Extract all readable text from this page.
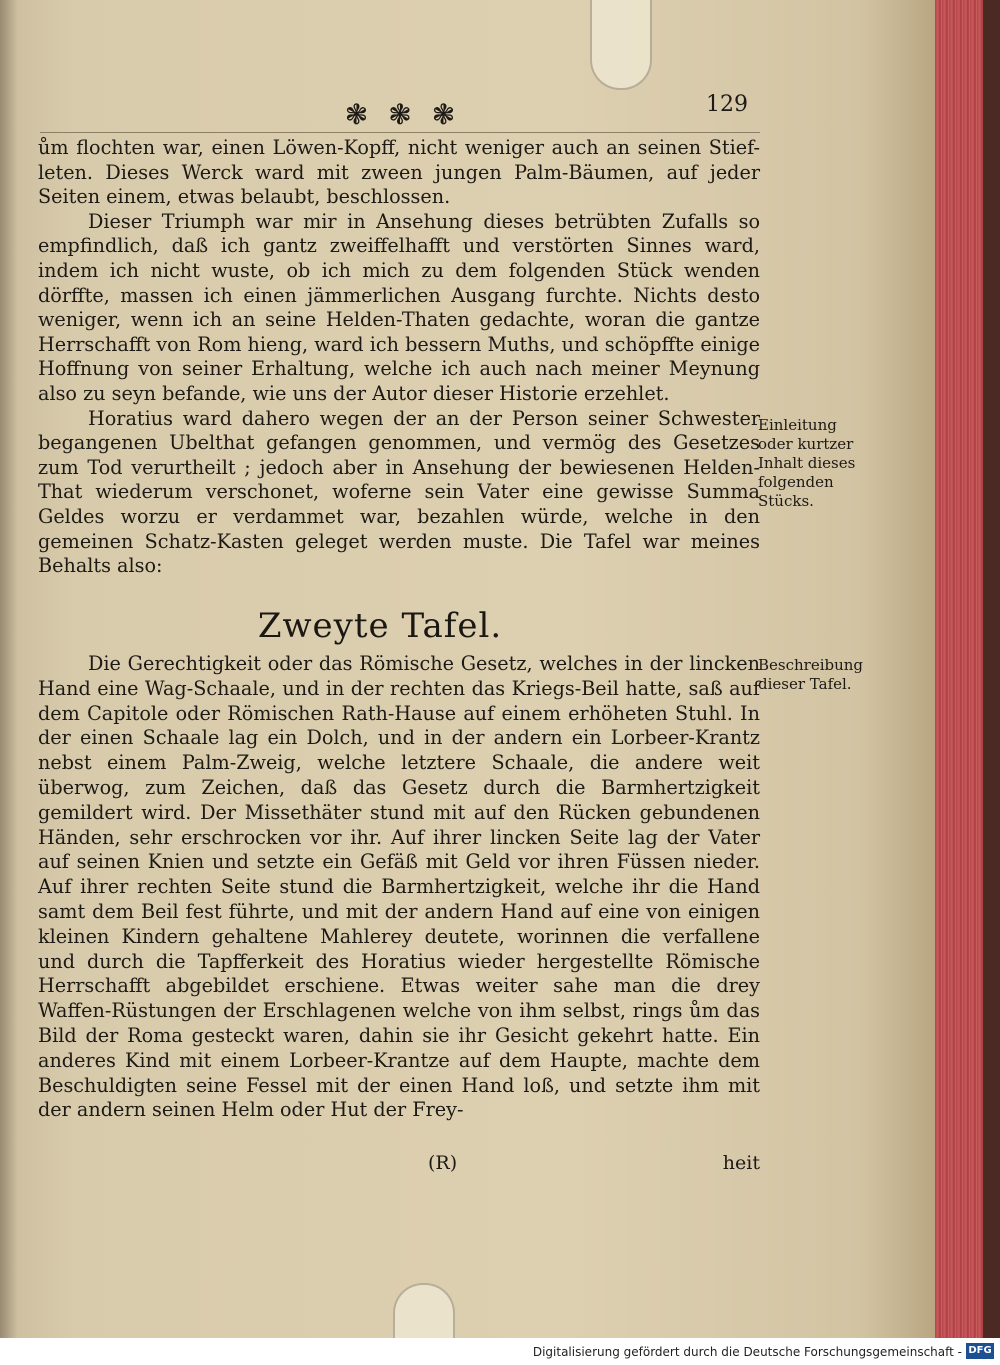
❃ ❃ ❃	129

ům flochten war, einen Löwen-Kopff, nicht weniger auch an seinen Stief-leten. Dieses Werck ward mit zween jungen Palm-Bäumen, auf jeder Seiten einem, etwas belaubt, beschlossen.

Dieser Triumph war mir in Ansehung dieses betrübten Zufalls so empfindlich, daß ich gantz zweiffelhafft und verstörten Sinnes ward, indem ich nicht wuste, ob ich mich zu dem folgenden Stück wenden dörffte, massen ich einen jämmerlichen Ausgang furchte. Nichts desto weniger, wenn ich an seine Helden-Thaten gedachte, woran die gantze Herrschafft von Rom hieng, ward ich bessern Muths, und schöpffte einige Hoffnung von seiner Erhaltung, welche ich auch nach meiner Meynung also zu seyn befande, wie uns der Autor dieser Historie erzehlet.

Horatius ward dahero wegen der an der Person seiner Schwester begangenen Ubelthat gefangen genommen, und vermög des Gesetzes zum Tod verurtheilt ; jedoch aber in Ansehung der bewiesenen Helden-That wiederum verschonet, woferne sein Vater eine gewisse Summa Geldes worzu er verdammet war, bezahlen würde, welche in den gemeinen Schatz-Kasten geleget werden muste. Die Tafel war meines Behalts also:

Zweyte Tafel.

Die Gerechtigkeit oder das Römische Gesetz, welches in der lincken Hand eine Wag-Schaale, und in der rechten das Kriegs-Beil hatte, saß auf dem Capitole oder Römischen Rath-Hause auf einem erhöheten Stuhl. In der einen Schaale lag ein Dolch, und in der andern ein Lorbeer-Krantz nebst einem Palm-Zweig, welche letztere Schaale, die andere weit überwog, zum Zeichen, daß das Gesetz durch die Barmhertzigkeit gemildert wird. Der Missethäter stund mit auf den Rücken gebundenen Händen, sehr erschrocken vor ihr. Auf ihrer lincken Seite lag der Vater auf seinen Knien und setzte ein Gefäß mit Geld vor ihren Füssen nieder. Auf ihrer rechten Seite stund die Barmhertzigkeit, welche ihr die Hand samt dem Beil fest führte, und mit der andern Hand auf eine von einigen kleinen Kindern gehaltene Mahlerey deutete, worinnen die verfallene und durch die Tapfferkeit des Horatius wieder hergestellte Römische Herrschafft abgebildet erschiene. Etwas weiter sahe man die drey Waffen-Rüstungen der Erschlagenen welche von ihm selbst, rings ům das Bild der Roma gesteckt waren, dahin sie ihr Gesicht gekehrt hatte. Ein anderes Kind mit einem Lorbeer-Krantze auf dem Haupte, machte dem Beschuldigten seine Fessel mit der einen Hand loß, und setzte ihm mit der andern seinen Helm oder Hut der Frey-

(R)	heit
Einleitung oder kurtzer Inhalt dieses folgenden Stücks.
Beschreibung dieser Tafel.
Digitalisierung gefördert durch die Deutsche Forschungsgemeinschaft - DFG
